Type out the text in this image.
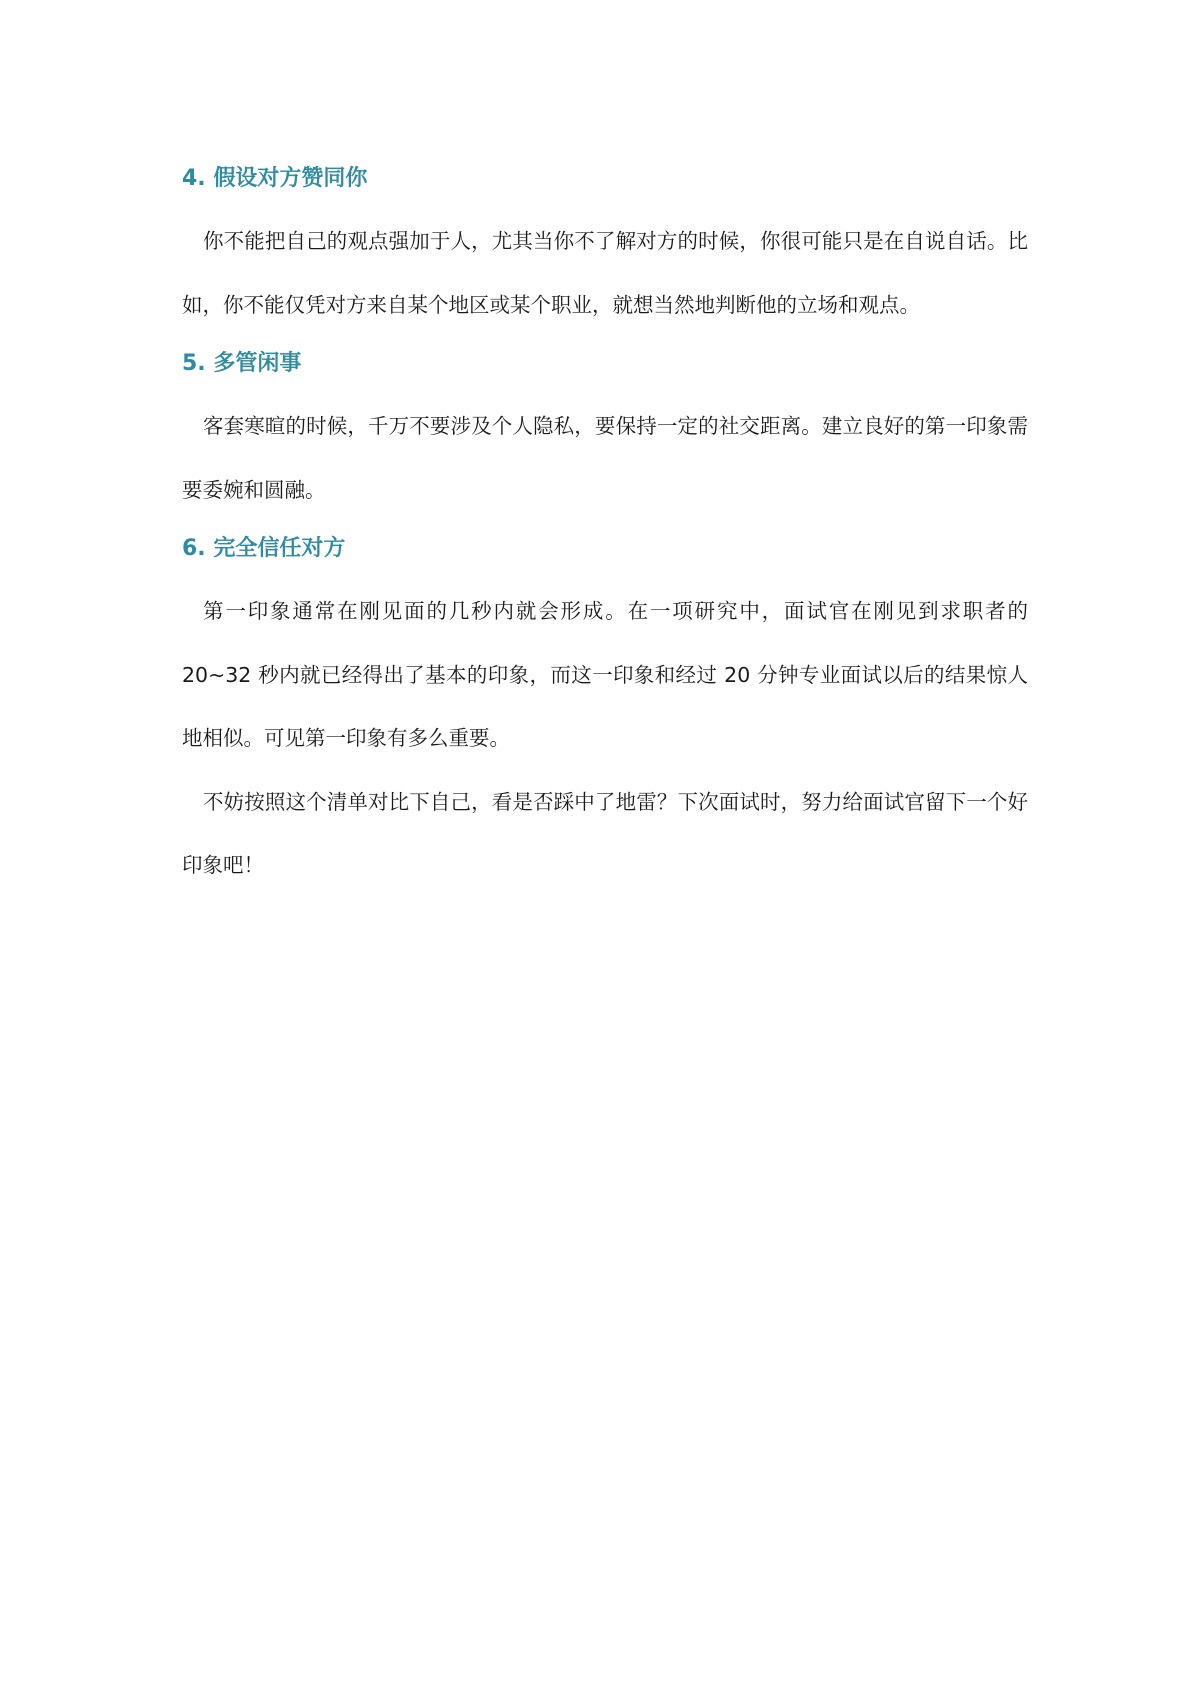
4. 假设对方赞同你

你不能把自己的观点强加于人，尤其当你不了解对方的时候，你很可能只是在自说自话。比如，你不能仅凭对方来自某个地区或某个职业，就想当然地判断他的立场和观点。

5. 多管闲事

客套寒暄的时候，千万不要涉及个人隐私，要保持一定的社交距离。建立良好的第一印象需要委婉和圆融。

6. 完全信任对方

第一印象通常在刚见面的几秒内就会形成。在一项研究中，面试官在刚见到求职者的20~32 秒内就已经得出了基本的印象，而这一印象和经过 20 分钟专业面试以后的结果惊人地相似。可见第一印象有多么重要。

不妨按照这个清单对比下自己，看是否踩中了地雷？下次面试时，努力给面试官留下一个好印象吧！
